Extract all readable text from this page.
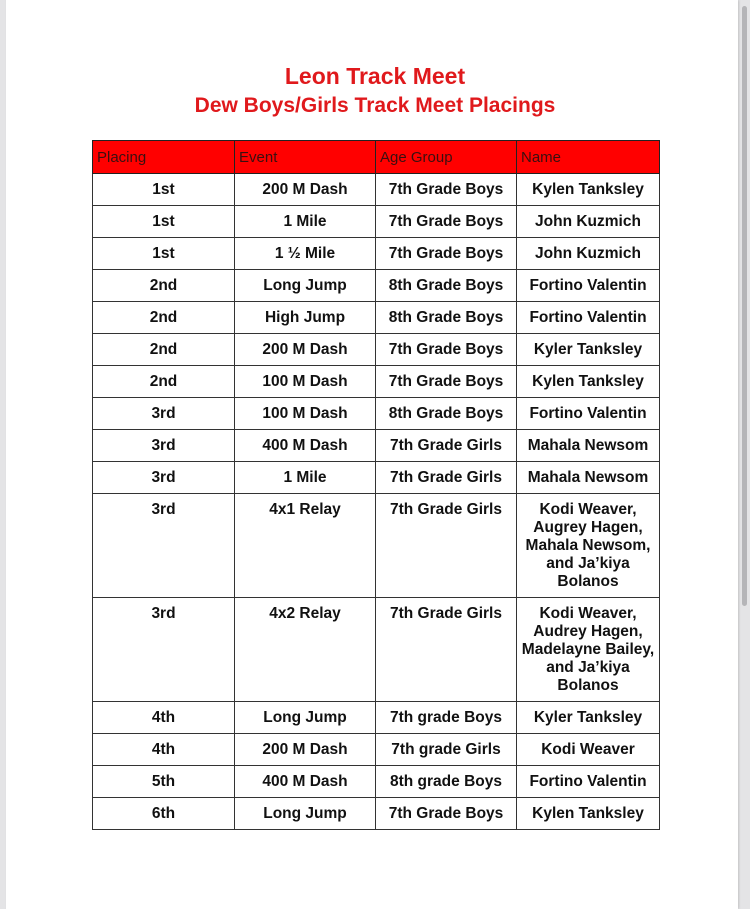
Leon Track Meet
Dew Boys/Girls Track Meet Placings
Placing	Event	Age Group	Name
1st	200 M Dash	7th Grade Boys	Kylen Tanksley
1st	1 Mile	7th Grade Boys	John Kuzmich
1st	1 ½ Mile	7th Grade Boys	John Kuzmich
2nd	Long Jump	8th Grade Boys	Fortino Valentin
2nd	High Jump	8th Grade Boys	Fortino Valentin
2nd	200 M Dash	7th Grade Boys	Kyler Tanksley
2nd	100 M Dash	7th Grade Boys	Kylen Tanksley
3rd	100 M Dash	8th Grade Boys	Fortino Valentin
3rd	400 M Dash	7th Grade Girls	Mahala Newsom
3rd	1 Mile	7th Grade Girls	Mahala Newsom
3rd	4x1 Relay	7th Grade Girls	Kodi Weaver, Augrey Hagen, Mahala Newsom, and Ja’kiya Bolanos
3rd	4x2 Relay	7th Grade Girls	Kodi Weaver, Audrey Hagen, Madelayne Bailey, and Ja’kiya Bolanos
4th	Long Jump	7th grade Boys	Kyler Tanksley
4th	200 M Dash	7th grade Girls	Kodi Weaver
5th	400 M Dash	8th grade Boys	Fortino Valentin
6th	Long Jump	7th Grade Boys	Kylen Tanksley
